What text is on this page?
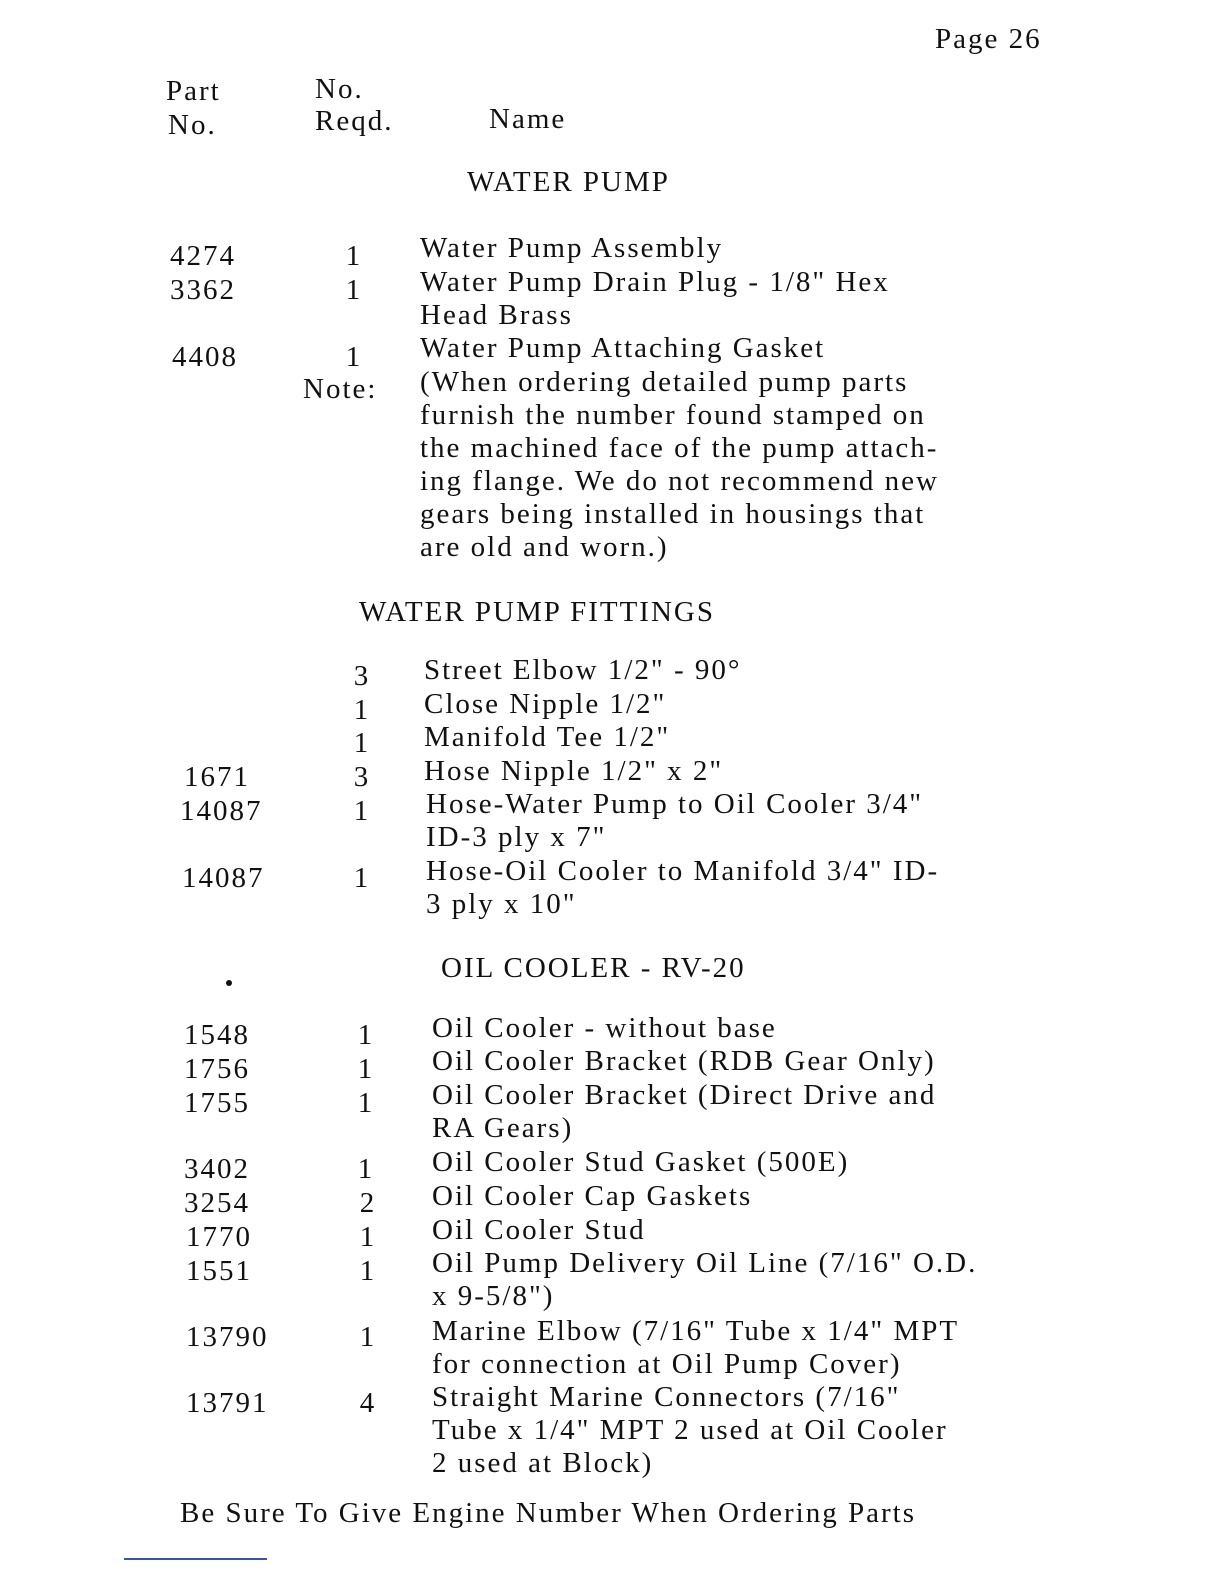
Page 26
Part
No.
No.
Reqd.	Name
WATER PUMP
4274	1 Water Pump Assembly
3362	1 Water Pump Drain Plug - 1/8" Hex
Head Brass
4408	1 Water Pump Attaching Gasket
Note: (When ordering detailed pump parts
furnish the number found stamped on
the machined face of the pump attach-
ing flange. We do not recommend new
gears being installed in housings that
are old and worn.)
WATER PUMP FITTINGS
3 Street Elbow 1/2" - 90°
1 Close Nipple 1/2"
1 Manifold Tee 1/2"
1671	3 Hose Nipple 1/2" x 2"
14087	1 Hose-Water Pump to Oil Cooler 3/4"
ID-3 ply x 7"
14087	1 Hose-Oil Cooler to Manifold 3/4" ID-
3 ply x 10"
OIL COOLER - RV-20
1548	1 Oil Cooler - without base
1756	1 Oil Cooler Bracket (RDB Gear Only)
1755	1 Oil Cooler Bracket (Direct Drive and
RA Gears)
3402	1 Oil Cooler Stud Gasket (500E)
3254	2 Oil Cooler Cap Gaskets
1770	1 Oil Cooler Stud
1551	1 Oil Pump Delivery Oil Line (7/16" O.D.
x 9-5/8")
13790	1 Marine Elbow (7/16" Tube x 1/4" MPT
for connection at Oil Pump Cover)
13791	4 Straight Marine Connectors (7/16"
Tube x 1/4" MPT 2 used at Oil Cooler
2 used at Block)
Be Sure To Give Engine Number When Ordering Parts
